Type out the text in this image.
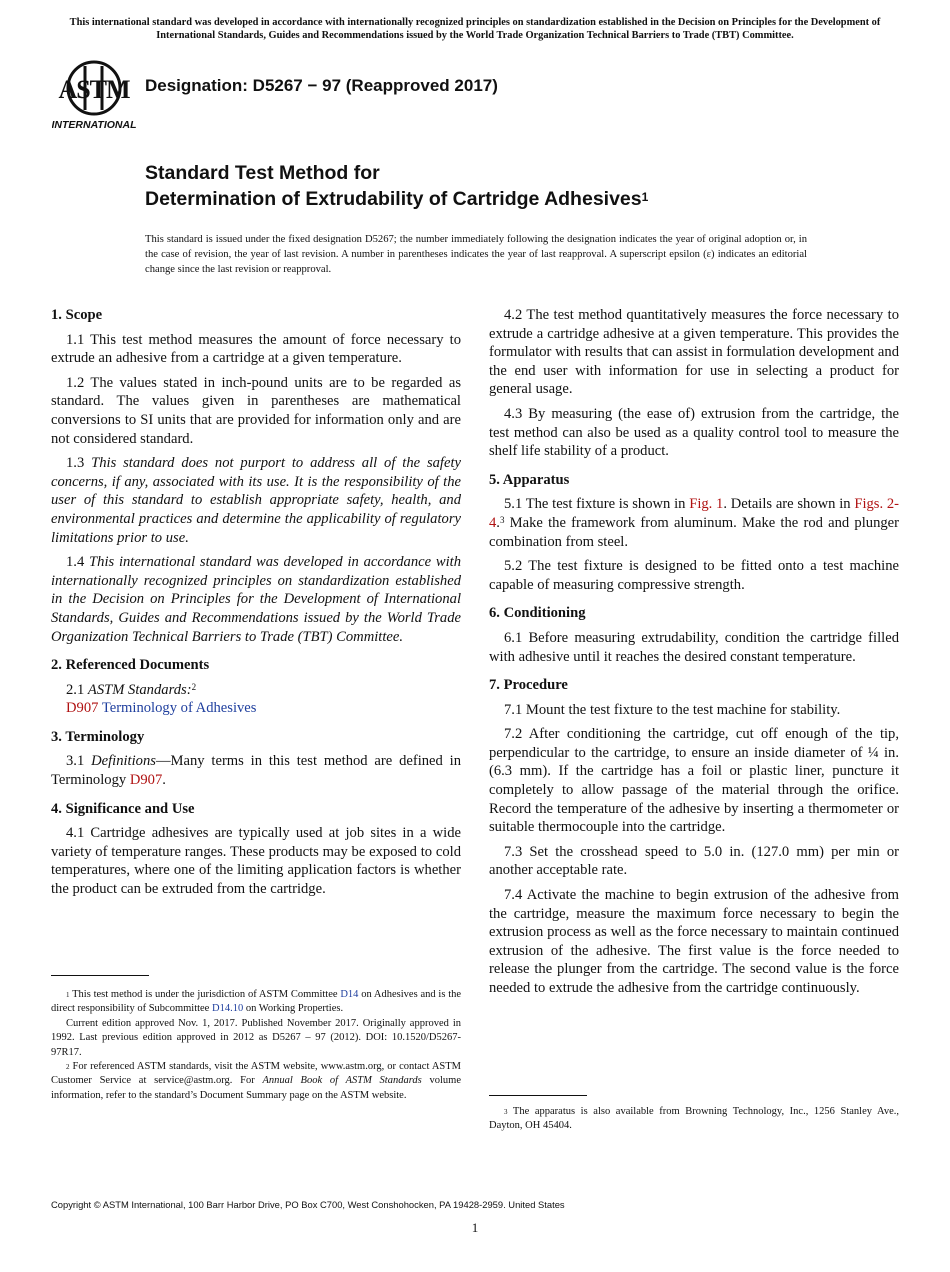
This international standard was developed in accordance with internationally recognized principles on standardization established in the Decision on Principles for the Development of International Standards, Guides and Recommendations issued by the World Trade Organization Technical Barriers to Trade (TBT) Committee.
ASTM
INTERNATIONAL
Designation: D5267 − 97 (Reapproved 2017)
Standard Test Method for
Determination of Extrudability of Cartridge Adhesives$^1$
This standard is issued under the fixed designation D5267; the number immediately following the designation indicates the year of original adoption or, in the case of revision, the year of last revision. A number in parentheses indicates the year of last reapproval. A superscript epsilon (ε) indicates an editorial change since the last revision or reapproval.
1. Scope

1.1 This test method measures the amount of force necessary to extrude an adhesive from a cartridge at a given temperature.

1.2 The values stated in inch-pound units are to be regarded as standard. The values given in parentheses are mathematical conversions to SI units that are provided for information only and are not considered standard.

1.3 This standard does not purport to address all of the safety concerns, if any, associated with its use. It is the responsibility of the user of this standard to establish appropriate safety, health, and environmental practices and determine the applicability of regulatory limitations prior to use.

1.4 This international standard was developed in accordance with internationally recognized principles on standardization established in the Decision on Principles for the Development of International Standards, Guides and Recommendations issued by the World Trade Organization Technical Barriers to Trade (TBT) Committee.

2. Referenced Documents

2.1 ASTM Standards:$^2$

D907 Terminology of Adhesives

3. Terminology

3.1 Definitions—Many terms in this test method are defined in Terminology D907.

4. Significance and Use

4.1 Cartridge adhesives are typically used at job sites in a wide variety of temperature ranges. These products may be exposed to cold temperatures, where one of the limiting application factors is whether the product can be extruded from the cartridge.

$^1$ This test method is under the jurisdiction of ASTM Committee D14 on Adhesives and is the direct responsibility of Subcommittee D14.10 on Working Properties.

Current edition approved Nov. 1, 2017. Published November 2017. Originally approved in 1992. Last previous edition approved in 2012 as D5267 – 97 (2012). DOI: 10.1520/D5267-97R17.

$^2$ For referenced ASTM standards, visit the ASTM website, www.astm.org, or contact ASTM Customer Service at service@astm.org. For Annual Book of ASTM Standards volume information, refer to the standard’s Document Summary page on the ASTM website.

4.2 The test method quantitatively measures the force necessary to extrude a cartridge adhesive at a given temperature. This provides the formulator with results that can assist in formulation development and the end user with information for use in selecting a product for general usage.

4.3 By measuring (the ease of) extrusion from the cartridge, the test method can also be used as a quality control tool to measure the shelf life stability of a product.

5. Apparatus

5.1 The test fixture is shown in Fig. 1. Details are shown in Figs. 2-4.$^3$ Make the framework from aluminum. Make the rod and plunger combination from steel.

5.2 The test fixture is designed to be fitted onto a test machine capable of measuring compressive strength.

6. Conditioning

6.1 Before measuring extrudability, condition the cartridge filled with adhesive until it reaches the desired constant temperature.

7. Procedure

7.1 Mount the test fixture to the test machine for stability.

7.2 After conditioning the cartridge, cut off enough of the tip, perpendicular to the cartridge, to ensure an inside diameter of ¼ in. (6.3 mm). If the cartridge has a foil or plastic liner, puncture it completely to allow passage of the material through the orifice. Record the temperature of the adhesive by inserting a thermometer or suitable thermocouple into the cartridge.

7.3 Set the crosshead speed to 5.0 in. (127.0 mm) per min or another acceptable rate.

7.4 Activate the machine to begin extrusion of the adhesive from the cartridge, measure the maximum force necessary to begin the extrusion process as well as the force necessary to maintain continued extrusion of the adhesive. The first value is the force needed to release the plunger from the cartridge. The second value is the force needed to extrude the adhesive from the cartridge continuously.

$^3$ The apparatus is also available from Browning Technology, Inc., 1256 Stanley Ave., Dayton, OH 45404.

Copyright © ASTM International, 100 Barr Harbor Drive, PO Box C700, West Conshohocken, PA 19428-2959. United States
1
